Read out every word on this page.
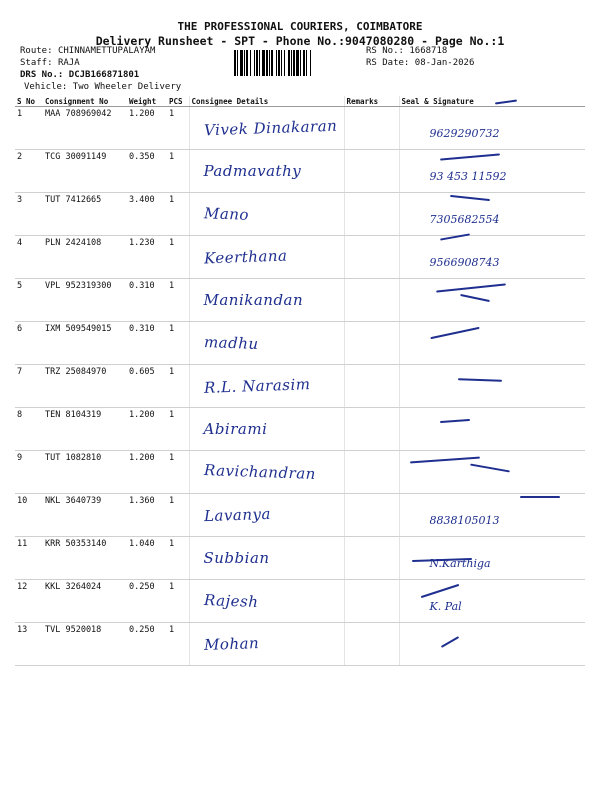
THE PROFESSIONAL COURIERS, COIMBATORE
Delivery Runsheet - SPT - Phone No.:9047080280 - Page No.:1
Route: CHINNAMETTUPALAYAM
Staff: RAJA
DRS No.: DCJB166871801
Vehicle: Two Wheeler Delivery
RS No.: 1668718
RS Date: 08-Jan-2026
S No	Consignment No	Weight	PCS	Consignee Details	Remarks	Seal & Signature
1	MAA 708969042	1.200	1	Vivek Dinakaran		9629290732

2	TCG 30091149	0.350	1	Padmavathy		93 453 11592

3	TUT 7412665	3.400	1	Mano		7305682554

4	PLN 2424108	1.230	1	Keerthana		9566908743

5	VPL 952319300	0.310	1	Manikandan		

6	IXM 509549015	0.310	1	madhu		

7	TRZ 25084970	0.605	1	R.L. Narasim		

8	TEN 8104319	1.200	1	Abirami		

9	TUT 1082810	1.200	1	Ravichandran		

10	NKL 3640739	1.360	1	Lavanya		8838105013

11	KRR 50353140	1.040	1	Subbian		N.Karthiga

12	KKL 3264024	0.250	1	Rajesh		K. Pal

13	TVL 9520018	0.250	1	Mohan		
